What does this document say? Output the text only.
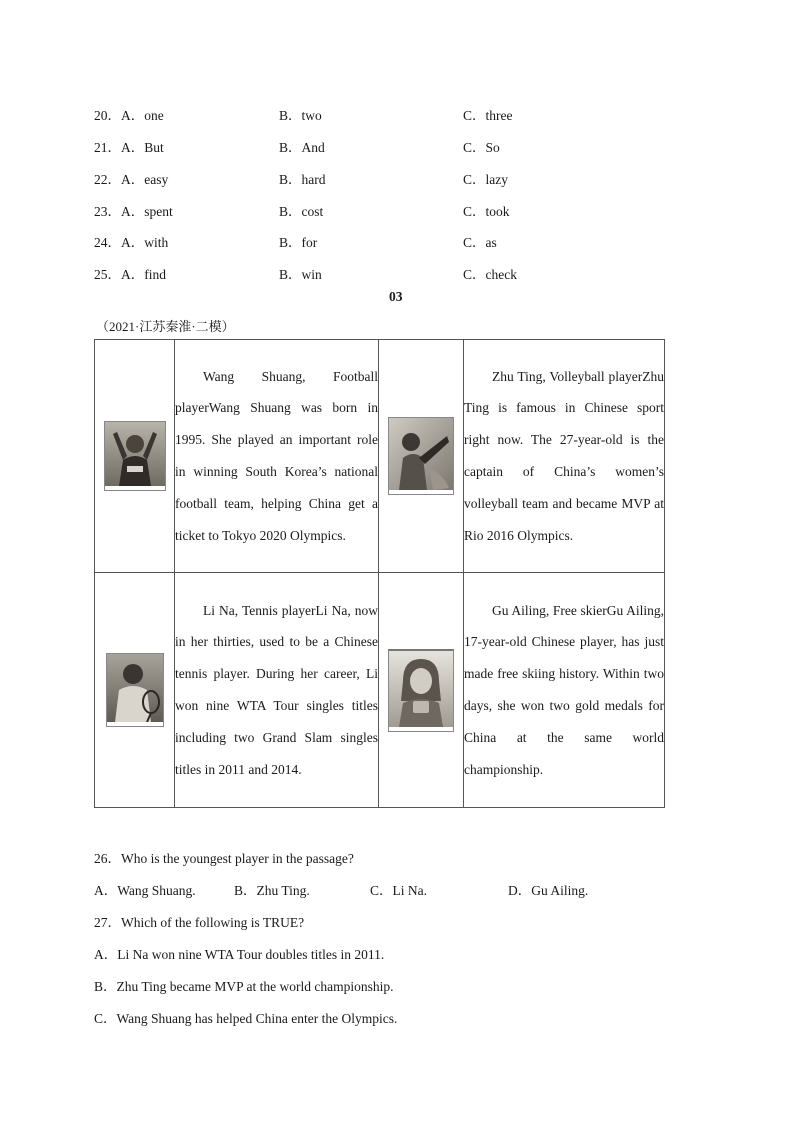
20．A．one	B．two	C．three
21．A．But	B．And	C．So
22．A．easy	B．hard	C．lazy
23．A．spent	B．cost	C．took
24．A．with	B．for	C．as
25．A．find	B．win	C．check
03
（2021·江苏秦淮·二模）

Wang Shuang, Football playerWang Shuang was born in 1995. She played an important role in winning South Korea’s national football team, helping China get a ticket to Tokyo 2020 Olympics.		Zhu Ting, Volleyball playerZhu Ting is famous in Chinese sport right now. The 27-year-old is the captain of China’s women’s volleyball team and became MVP at Rio 2016 Olympics.

Li Na, Tennis playerLi Na, now in her thirties, used to be a Chinese tennis player. During her career, Li won nine WTA Tour singles titles including two Grand Slam singles titles in 2011 and 2014.		Gu Ailing, Free skierGu Ailing, 17-year-old Chinese player, has just made free skiing history. Within two days, she won two gold medals for China at the same world championship.

26．Who is the youngest player in the passage?
A．Wang Shuang.	B．Zhu Ting.	C．Li Na.	D．Gu Ailing.
27．Which of the following is TRUE?
A．Li Na won nine WTA Tour doubles titles in 2011.
B．Zhu Ting became MVP at the world championship.
C．Wang Shuang has helped China enter the Olympics.
